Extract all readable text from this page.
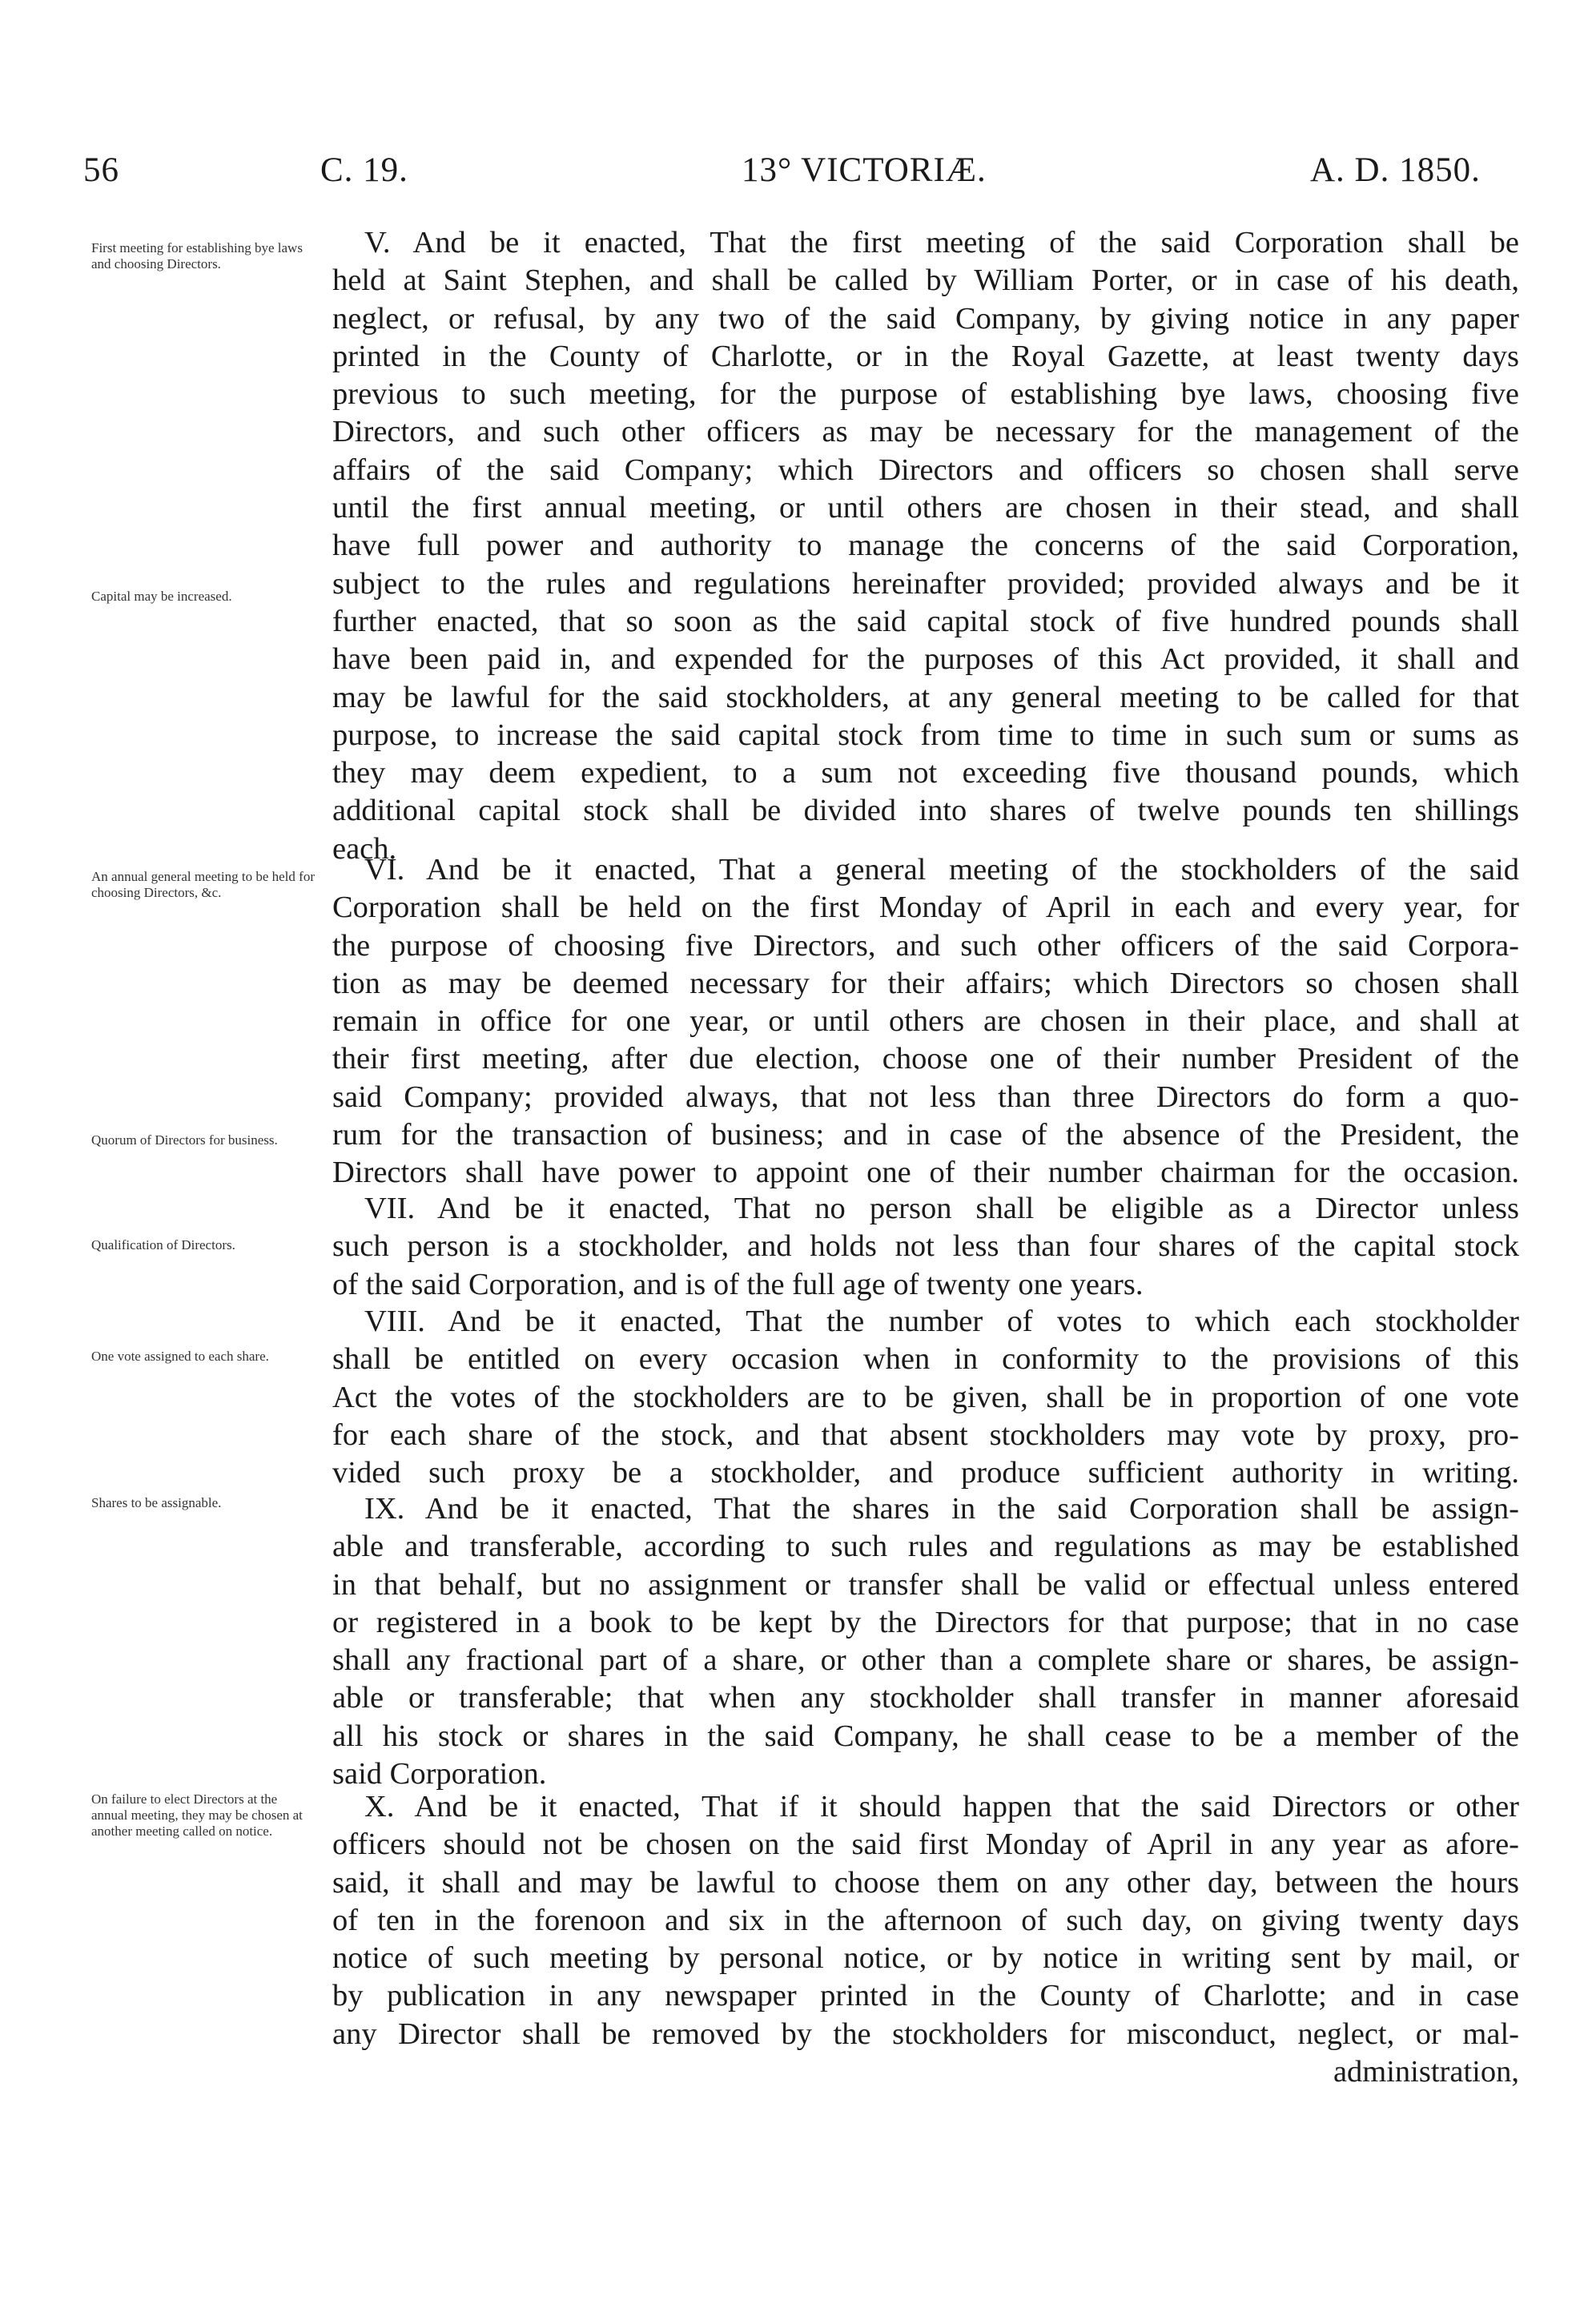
56	C. 19.	13° VICTORIÆ.	A. D. 1850.
First meeting for establishing bye laws and choosing Directors.
Capital may be increased.
An annual general meeting to be held for choosing Directors, &c.
Quorum of Directors for business.
Qualification of Directors.
One vote assigned to each share.
Shares to be assignable.
On failure to elect Directors at the annual meeting, they may be chosen at another meeting called on notice.
V. And be it enacted, That the first meeting of the said Corporation shall be
held at Saint Stephen, and shall be called by William Porter, or in case of his death,
neglect, or refusal, by any two of the said Company, by giving notice in any paper
printed in the County of Charlotte, or in the Royal Gazette, at least twenty days
previous to such meeting, for the purpose of establishing bye laws, choosing five
Directors, and such other officers as may be necessary for the management of the
affairs of the said Company; which Directors and officers so chosen shall serve
until the first annual meeting, or until others are chosen in their stead, and shall
have full power and authority to manage the concerns of the said Corporation,
subject to the rules and regulations hereinafter provided; provided always and be it
further enacted, that so soon as the said capital stock of five hundred pounds shall
have been paid in, and expended for the purposes of this Act provided, it shall and
may be lawful for the said stockholders, at any general meeting to be called for that
purpose, to increase the said capital stock from time to time in such sum or sums as
they may deem expedient, to a sum not exceeding five thousand pounds, which
additional capital stock shall be divided into shares of twelve pounds ten shillings
each.
VI. And be it enacted, That a general meeting of the stockholders of the said
Corporation shall be held on the first Monday of April in each and every year, for
the purpose of choosing five Directors, and such other officers of the said Corpora-
tion as may be deemed necessary for their affairs; which Directors so chosen shall
remain in office for one year, or until others are chosen in their place, and shall at
their first meeting, after due election, choose one of their number President of the
said Company; provided always, that not less than three Directors do form a quo-
rum for the transaction of business; and in case of the absence of the President, the
Directors shall have power to appoint one of their number chairman for the occasion.
VII. And be it enacted, That no person shall be eligible as a Director unless
such person is a stockholder, and holds not less than four shares of the capital stock
of the said Corporation, and is of the full age of twenty one years.
VIII. And be it enacted, That the number of votes to which each stockholder
shall be entitled on every occasion when in conformity to the provisions of this
Act the votes of the stockholders are to be given, shall be in proportion of one vote
for each share of the stock, and that absent stockholders may vote by proxy, pro-
vided such proxy be a stockholder, and produce sufficient authority in writing.
IX. And be it enacted, That the shares in the said Corporation shall be assign-
able and transferable, according to such rules and regulations as may be established
in that behalf, but no assignment or transfer shall be valid or effectual unless entered
or registered in a book to be kept by the Directors for that purpose; that in no case
shall any fractional part of a share, or other than a complete share or shares, be assign-
able or transferable; that when any stockholder shall transfer in manner aforesaid
all his stock or shares in the said Company, he shall cease to be a member of the
said Corporation.
X. And be it enacted, That if it should happen that the said Directors or other
officers should not be chosen on the said first Monday of April in any year as afore-
said, it shall and may be lawful to choose them on any other day, between the hours
of ten in the forenoon and six in the afternoon of such day, on giving twenty days
notice of such meeting by personal notice, or by notice in writing sent by mail, or
by publication in any newspaper printed in the County of Charlotte; and in case
any Director shall be removed by the stockholders for misconduct, neglect, or mal-
administration,
